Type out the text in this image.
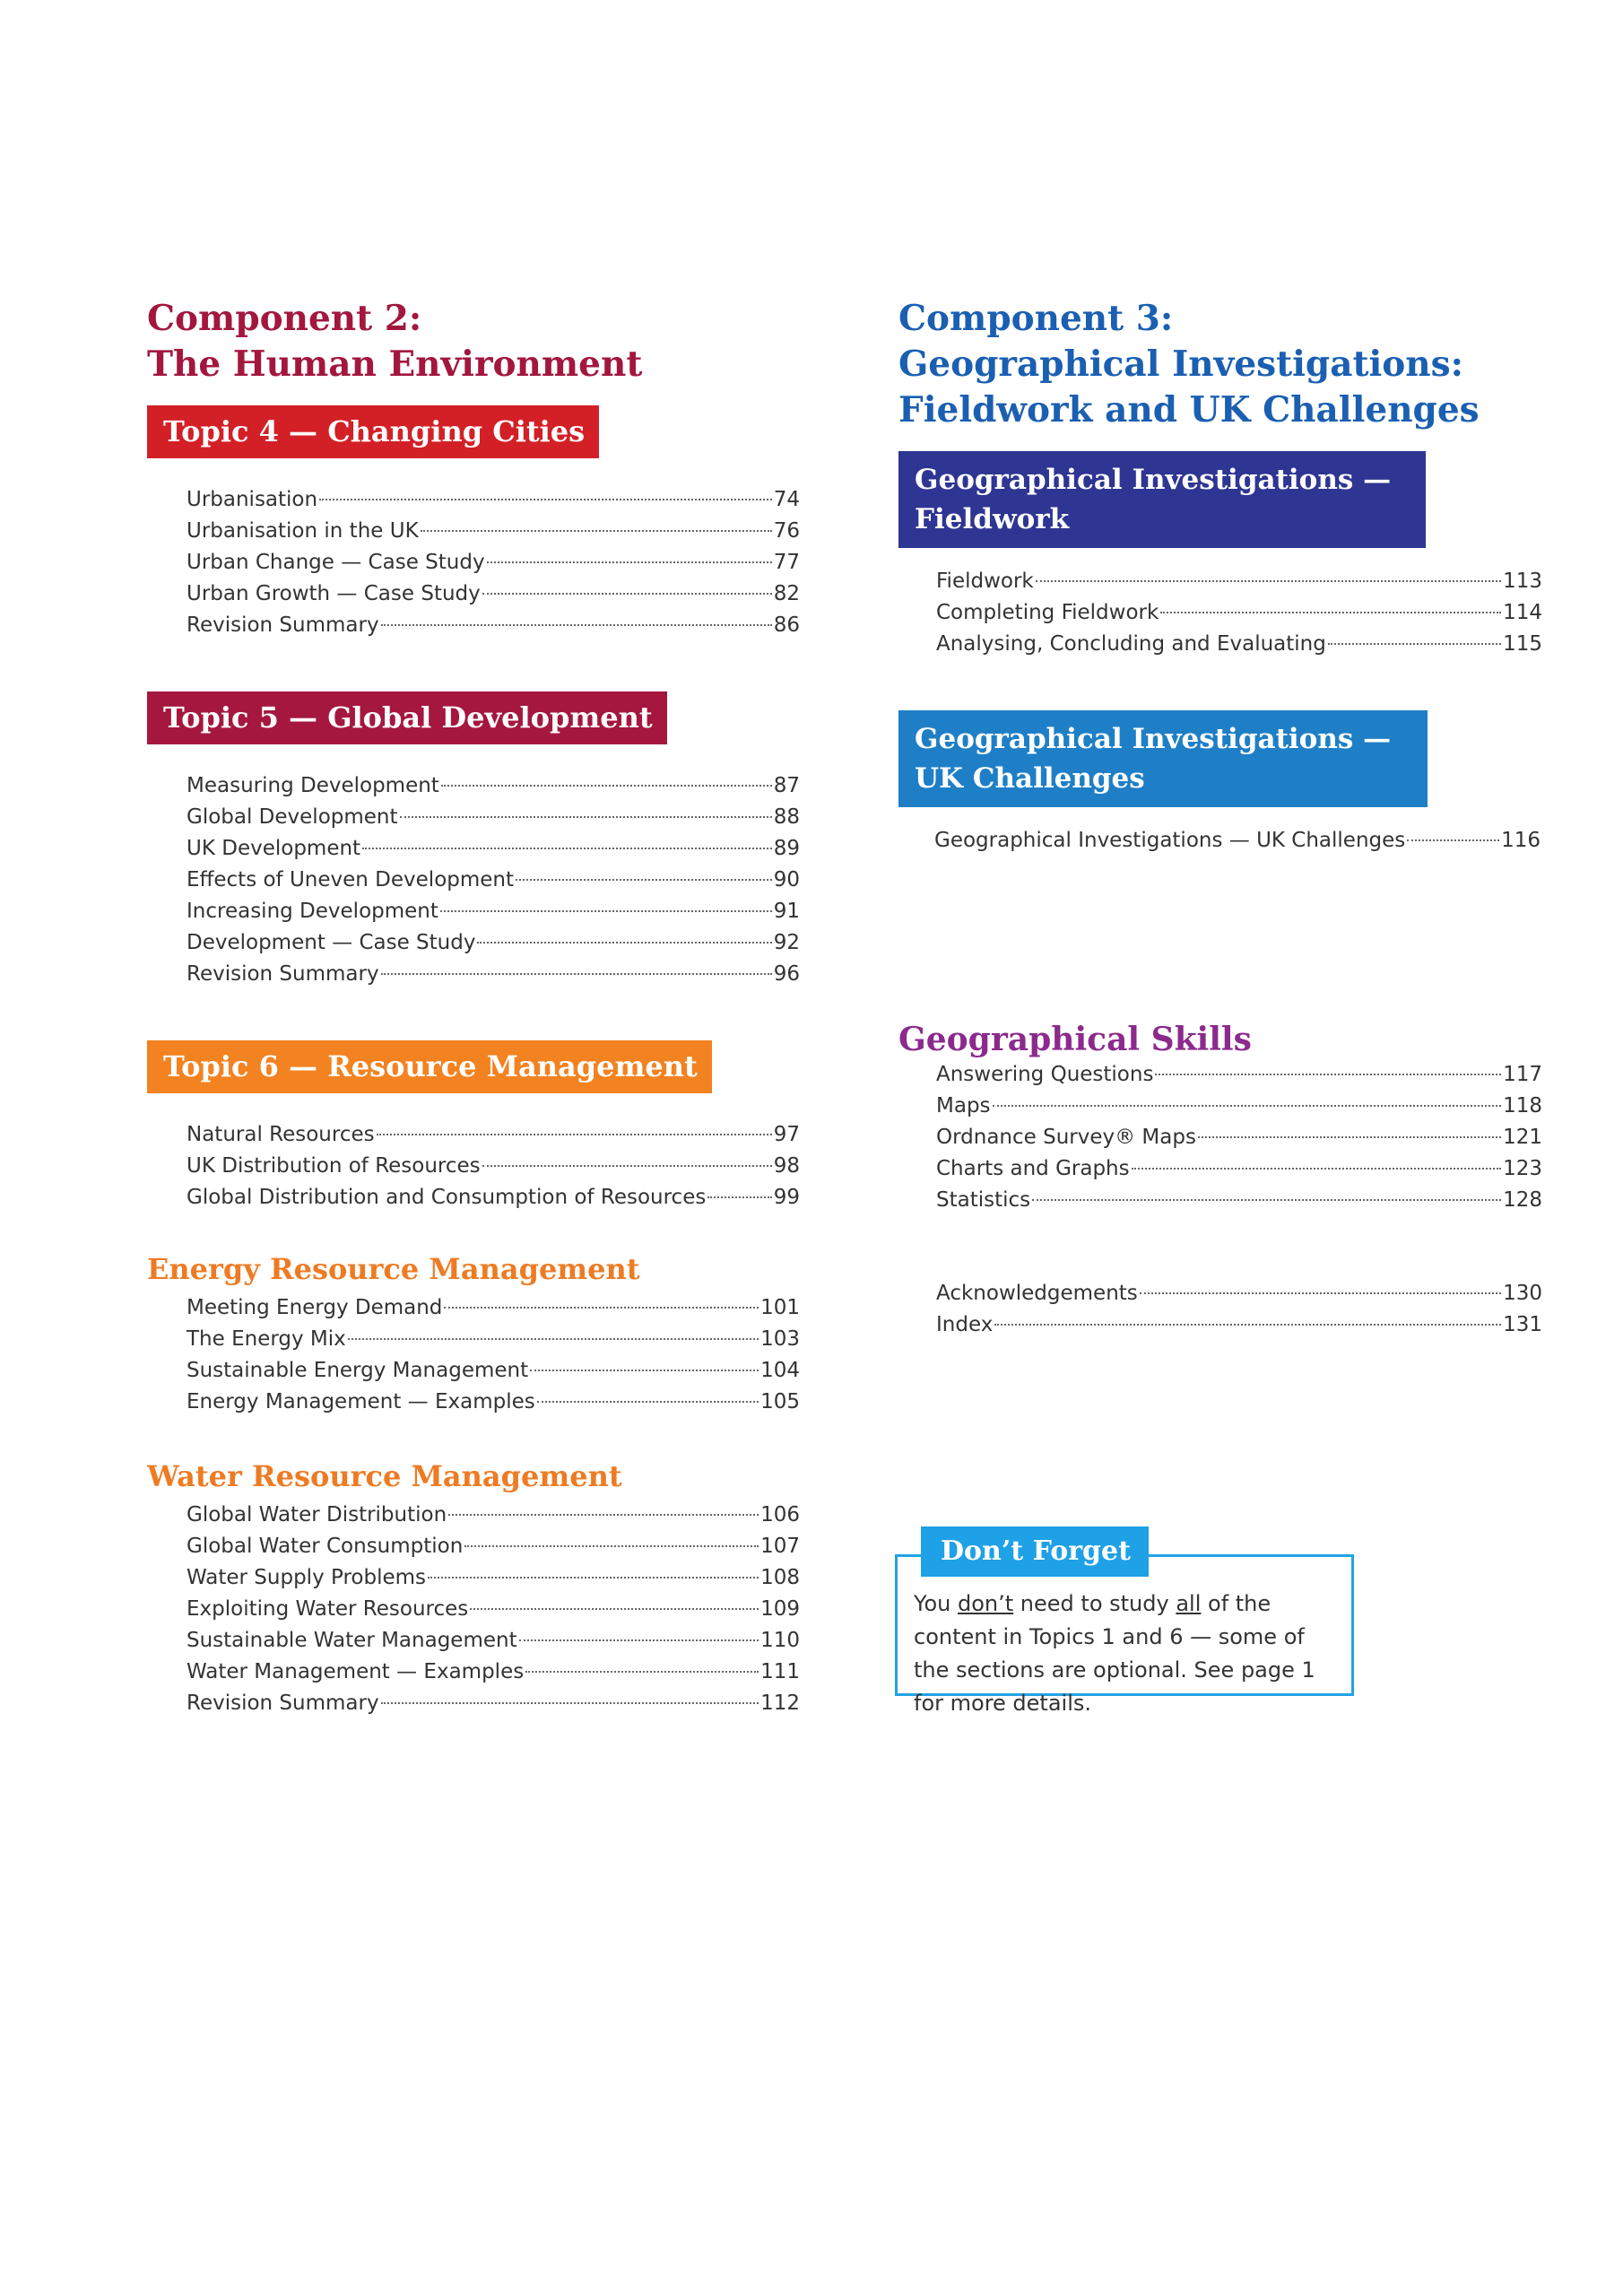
Component 2:
The Human Environment
Topic 4 — Changing Cities
Urbanisation	74
Urbanisation in the UK	76
Urban Change — Case Study	77
Urban Growth — Case Study	82
Revision Summary	86
Topic 5 — Global Development
Measuring Development	87
Global Development	88
UK Development	89
Effects of Uneven Development	90
Increasing Development	91
Development — Case Study	92
Revision Summary	96
Topic 6 — Resource Management
Natural Resources	97
UK Distribution of Resources	98
Global Distribution and Consumption of Resources	99
Energy Resource Management
Meeting Energy Demand	101
The Energy Mix	103
Sustainable Energy Management	104
Energy Management — Examples	105
Water Resource Management
Global Water Distribution	106
Global Water Consumption	107
Water Supply Problems	108
Exploiting Water Resources	109
Sustainable Water Management	110
Water Management — Examples	111
Revision Summary	112
Component 3:
Geographical Investigations:
Fieldwork and UK Challenges
Geographical Investigations —
Fieldwork
Fieldwork	113
Completing Fieldwork	114
Analysing, Concluding and Evaluating	115
Geographical Investigations —
UK Challenges
Geographical Investigations — UK Challenges	116
Geographical Skills
Answering Questions	117
Maps	118
Ordnance Survey® Maps	121
Charts and Graphs	123
Statistics	128
Acknowledgements	130
Index	131
Don’t Forget
You don’t need to study all of the content in Topics 1 and 6 — some of the sections are optional. See page 1 for more details.
